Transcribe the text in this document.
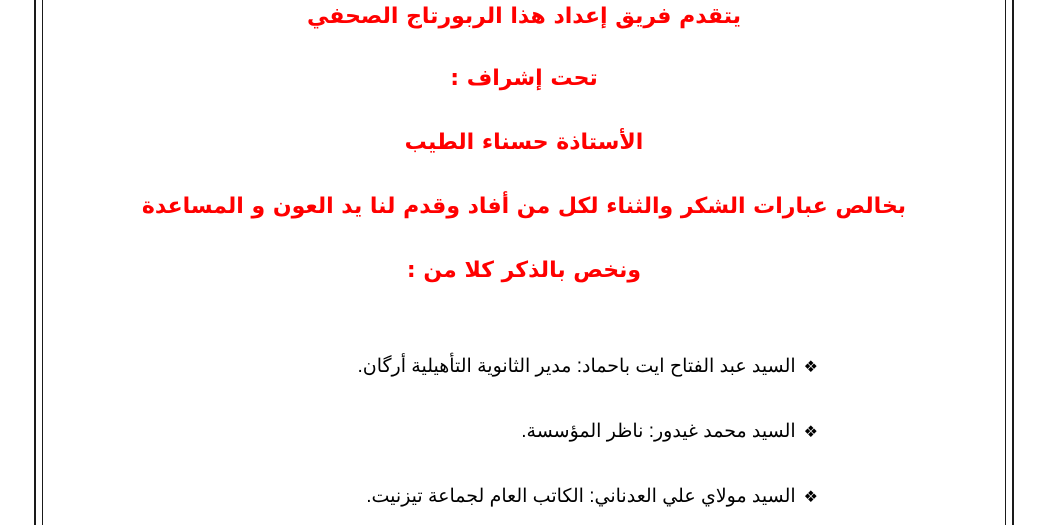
يتقدم فريق إعداد هذا الربورتاج الصحفي

تحت إشراف :

الأستاذة حسناء الطيب

بخالص عبارات الشكر والثناء لكل من أفاد وقدم لنا يد العون و المساعدة

ونخص بالذكر كلا من :

❖السيد عبد الفتاح ايت باحماد: مدير الثانوية التأهيلية أرگان.
❖السيد محمد غيدور: ناظر المؤسسة.
❖السيد مولاي علي العدناني: الكاتب العام لجماعة تيزنيت.
